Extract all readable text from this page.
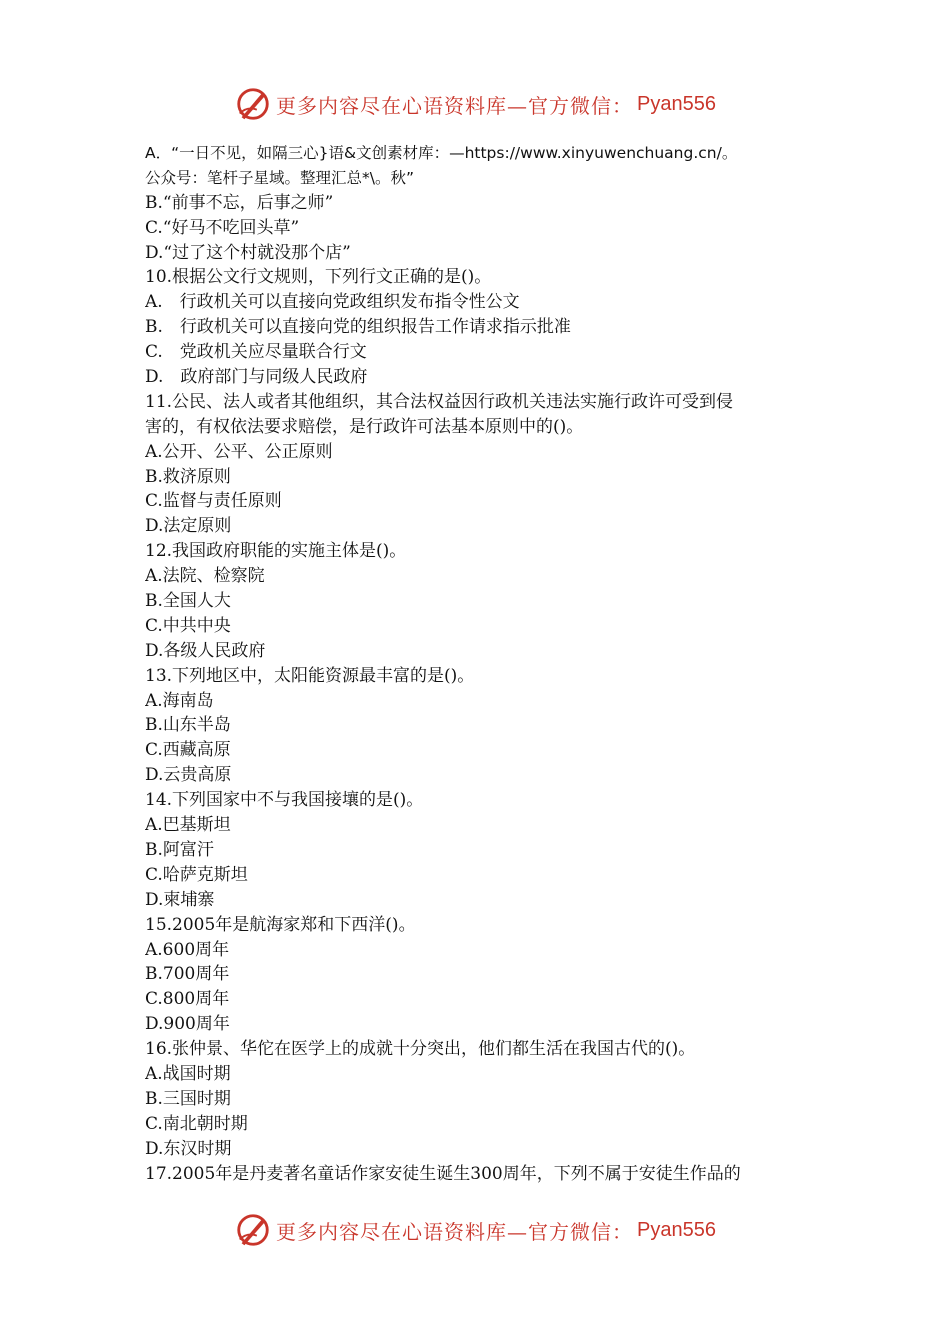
更多内容尽在心语资料库—官方微信： Pyan556
A．“一日不见，如隔三心}语&文创素材库：—https://www.xinyuwenchuang.cn/。
公众号：笔杆子星域。整理汇总*\。秋”
B.“前事不忘，后事之师”
C.“好马不吃回头草”
D.“过了这个村就没那个店”
10.根据公文行文规则，下列行文正确的是()。
A.　行政机关可以直接向党政组织发布指令性公文
B.　行政机关可以直接向党的组织报告工作请求指示批准
C.　党政机关应尽量联合行文
D.　政府部门与同级人民政府
11.公民、法人或者其他组织，其合法权益因行政机关违法实施行政许可受到侵
害的，有权依法要求赔偿，是行政许可法基本原则中的()。
A.公开、公平、公正原则
B.救济原则
C.监督与责任原则
D.法定原则
12.我国政府职能的实施主体是()。
A.法院、检察院
B.全国人大
C.中共中央
D.各级人民政府
13.下列地区中，太阳能资源最丰富的是()。
A.海南岛
B.山东半岛
C.西藏高原
D.云贵高原
14.下列国家中不与我国接壤的是()。
A.巴基斯坦
B.阿富汗
C.哈萨克斯坦
D.柬埔寨
15.2005年是航海家郑和下西洋()。
A.600周年
B.700周年
C.800周年
D.900周年
16.张仲景、华佗在医学上的成就十分突出，他们都生活在我国古代的()。
A.战国时期
B.三国时期
C.南北朝时期
D.东汉时期
17.2005年是丹麦著名童话作家安徒生诞生300周年，下列不属于安徒生作品的
更多内容尽在心语资料库—官方微信： Pyan556
